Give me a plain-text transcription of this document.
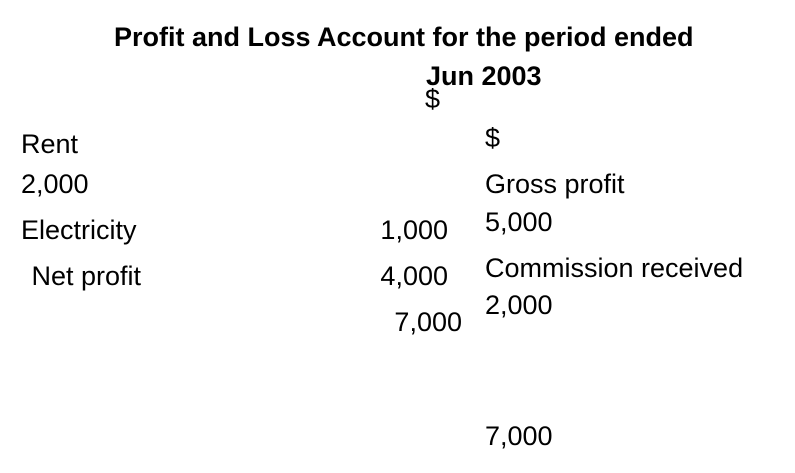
Profit and Loss Account for the period ended
Jun 2003
$
Rent
2,000
Electricity	1,000
Net profit	4,000
7,000
$
Gross profit
5,000
Commission received
2,000
7,000
